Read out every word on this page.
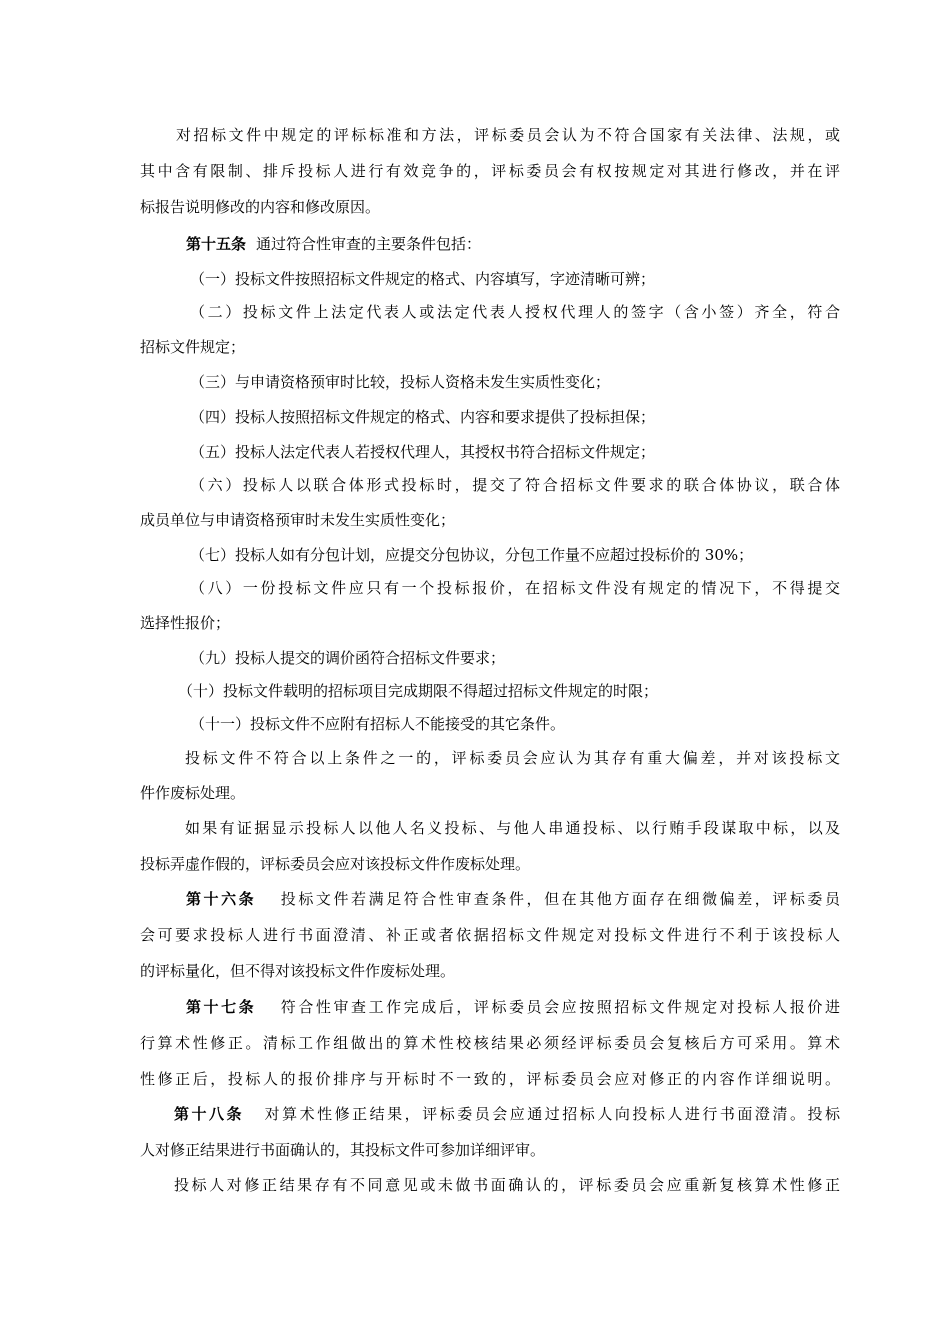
对招标文件中规定的评标标准和方法，评标委员会认为不符合国家有关法律、法规，或
其中含有限制、排斥投标人进行有效竞争的，评标委员会有权按规定对其进行修改，并在评
标报告说明修改的内容和修改原因。
第十五条 通过符合性审查的主要条件包括：
（一）投标文件按照招标文件规定的格式、内容填写，字迹清晰可辨；
（二）投标文件上法定代表人或法定代表人授权代理人的签字（含小签）齐全，符合
招标文件规定；
（三）与申请资格预审时比较，投标人资格未发生实质性变化；
（四）投标人按照招标文件规定的格式、内容和要求提供了投标担保；
（五）投标人法定代表人若授权代理人，其授权书符合招标文件规定；
（六）投标人以联合体形式投标时，提交了符合招标文件要求的联合体协议，联合体
成员单位与申请资格预审时未发生实质性变化；
（七）投标人如有分包计划，应提交分包协议，分包工作量不应超过投标价的 30%；
（八）一份投标文件应只有一个投标报价，在招标文件没有规定的情况下，不得提交
选择性报价；
（九）投标人提交的调价函符合招标文件要求；
（十）投标文件载明的招标项目完成期限不得超过招标文件规定的时限；
（十一）投标文件不应附有招标人不能接受的其它条件。
投标文件不符合以上条件之一的，评标委员会应认为其存有重大偏差，并对该投标文
件作废标处理。
如果有证据显示投标人以他人名义投标、与他人串通投标、以行贿手段谋取中标，以及
投标弄虚作假的，评标委员会应对该投标文件作废标处理。
第十六条 投标文件若满足符合性审查条件，但在其他方面存在细微偏差，评标委员
会可要求投标人进行书面澄清、补正或者依据招标文件规定对投标文件进行不利于该投标人
的评标量化，但不得对该投标文件作废标处理。
第十七条 符合性审查工作完成后，评标委员会应按照招标文件规定对投标人报价进
行算术性修正。清标工作组做出的算术性校核结果必须经评标委员会复核后方可采用。算术
性修正后，投标人的报价排序与开标时不一致的，评标委员会应对修正的内容作详细说明。
第十八条 对算术性修正结果，评标委员会应通过招标人向投标人进行书面澄清。投标
人对修正结果进行书面确认的，其投标文件可参加详细评审。
投标人对修正结果存有不同意见或未做书面确认的，评标委员会应重新复核算术性修正
